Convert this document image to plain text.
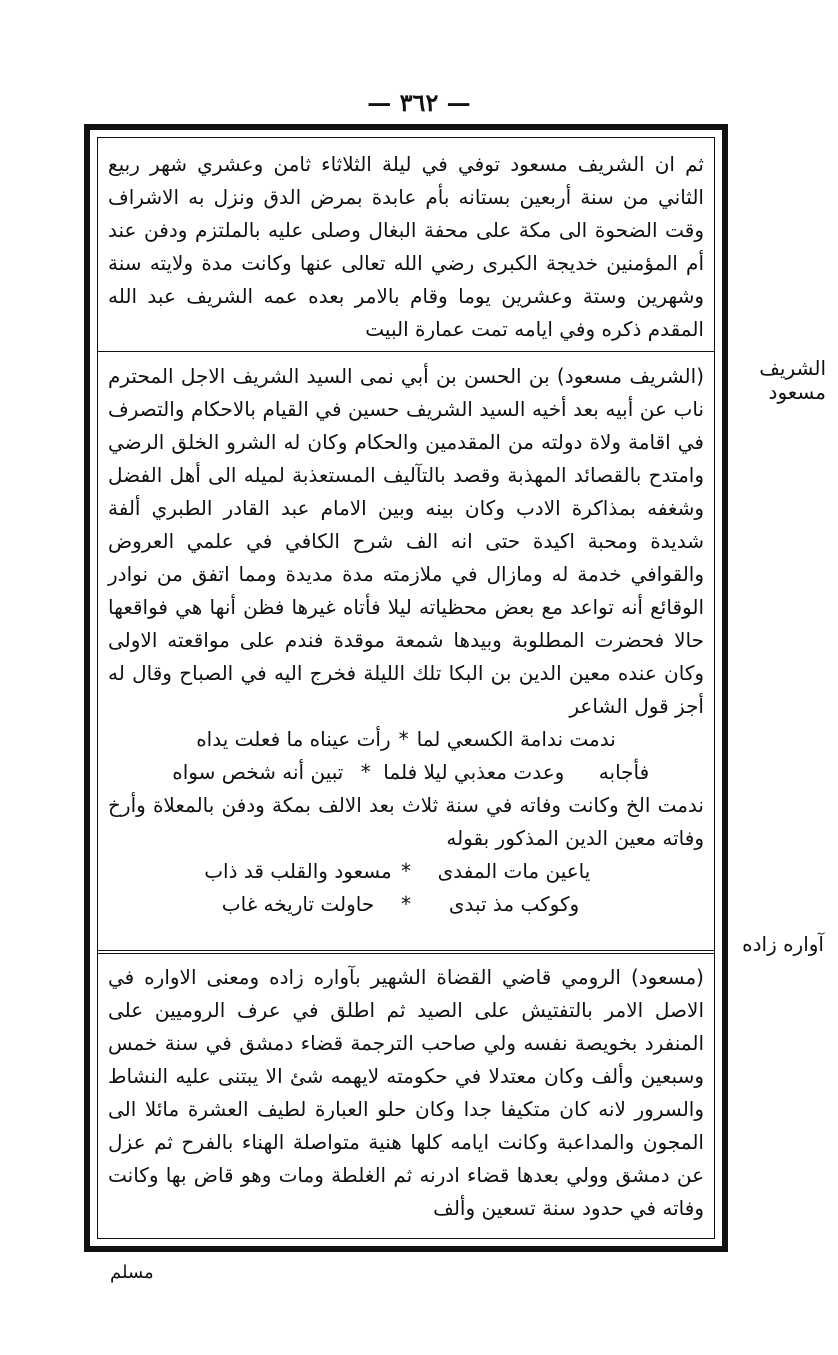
— ٣٦٢ —
الشريف مسعود
آواره زاده

ثم ان الشريف مسعود توفي في ليلة الثلاثاء ثامن وعشري شهر ربيع الثاني من سنة أربعين بستانه بأم عابدة بمرض الدق ونزل به الاشراف وقت الضحوة الى مكة على محفة البغال وصلى عليه بالملتزم ودفن عند أم المؤمنين خديجة الكبرى رضي الله تعالى عنها وكانت مدة ولايته سنة وشهرين وستة وعشرين يوما وقام بالامر بعده عمه الشريف عبد الله المقدم ذكره وفي ايامه تمت عمارة البيت

(الشريف مسعود) بن الحسن بن أبي نمى السيد الشريف الاجل المحترم ناب عن أبيه بعد أخيه السيد الشريف حسين في القيام بالاحكام والتصرف في اقامة ولاة دولته من المقدمين والحكام وكان له الشرو الخلق الرضي وامتدح بالقصائد المهذبة وقصد بالتآليف المستعذبة لميله الى أهل الفضل وشغفه بمذاكرة الادب وكان بينه وبين الامام عبد القادر الطبري ألفة شديدة ومحبة اكيدة حتى انه الف شرح الكافي في علمي العروض والقوافي خدمة له ومازال في ملازمته مدة مديدة ومما اتفق من نوادر الوقائع أنه تواعد مع بعض محظياته ليلا فأتاه غيرها فظن أنها هي فواقعها حالا فحضرت المطلوبة وبيدها شمعة موقدة فندم على مواقعته الاولى وكان عنده معين الدين بن البكا تلك الليلة فخرج اليه في الصباح وقال له أجز قول الشاعر

ندمت ندامة الكسعي لما*رأت عيناه ما فعلت يداه
فأجابهوعدت معذبي ليلا فلما*تبين أنه شخص سواه

ندمت الخ وكانت وفاته في سنة ثلاث بعد الالف بمكة ودفن بالمعلاة وأرخ وفاته معين الدين المذكور بقوله

ياعين مات المفدى*مسعود والقلب قد ذاب
وكوكب مذ تبدى*حاولت تاريخه غاب

(مسعود) الرومي قاضي القضاة الشهير بآواره زاده ومعنى الاواره في الاصل الامر بالتفتيش على الصيد ثم اطلق في عرف الروميين على المنفرد بخويصة نفسه ولي صاحب الترجمة قضاء دمشق في سنة خمس وسبعين وألف وكان معتدلا في حكومته لايهمه شئ الا يبتنى عليه النشاط والسرور لانه كان متكيفا جدا وكان حلو العبارة لطيف العشرة مائلا الى المجون والمداعبة وكانت ايامه كلها هنية متواصلة الهناء بالفرح ثم عزل عن دمشق وولي بعدها قضاء ادرنه ثم الغلطة ومات وهو قاض بها وكانت وفاته في حدود سنة تسعين وألف

مسلم
